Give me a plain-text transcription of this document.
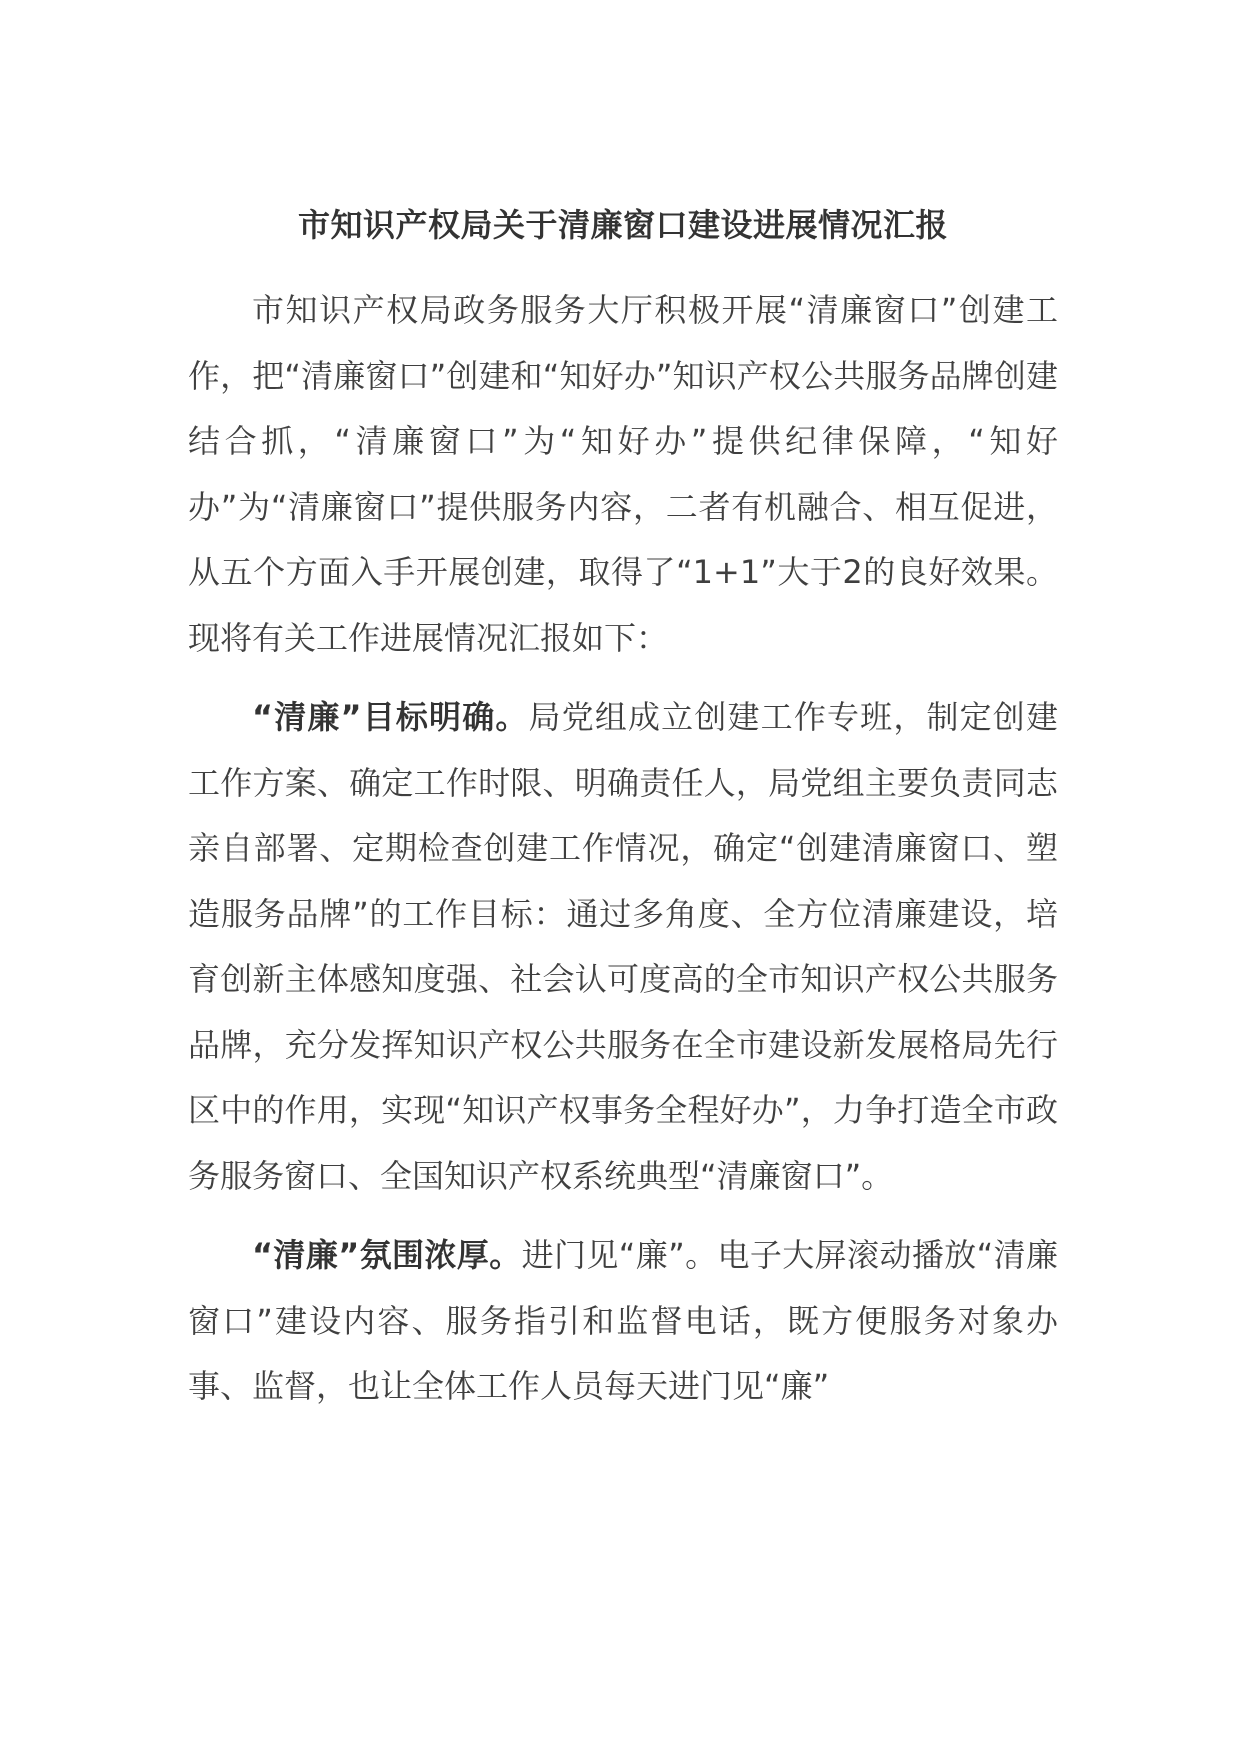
市知识产权局关于清廉窗口建设进展情况汇报

市知识产权局政务服务大厅积极开展“清廉窗口”创建工作，把“清廉窗口”创建和“知好办”知识产权公共服务品牌创建结合抓，“清廉窗口”为“知好办”提供纪律保障，“知好办”为“清廉窗口”提供服务内容，二者有机融合、相互促进，从五个方面入手开展创建，取得了“1+1”大于2的良好效果。现将有关工作进展情况汇报如下：

“清廉”目标明确。局党组成立创建工作专班，制定创建工作方案、确定工作时限、明确责任人，局党组主要负责同志亲自部署、定期检查创建工作情况，确定“创建清廉窗口、塑造服务品牌”的工作目标：通过多角度、全方位清廉建设，培育创新主体感知度强、社会认可度高的全市知识产权公共服务品牌，充分发挥知识产权公共服务在全市建设新发展格局先行区中的作用，实现“知识产权事务全程好办”，力争打造全市政务服务窗口、全国知识产权系统典型“清廉窗口”。

“清廉”氛围浓厚。进门见“廉”。电子大屏滚动播放“清廉窗口”建设内容、服务指引和监督电话，既方便服务对象办事、监督，也让全体工作人员每天进门见“廉”
